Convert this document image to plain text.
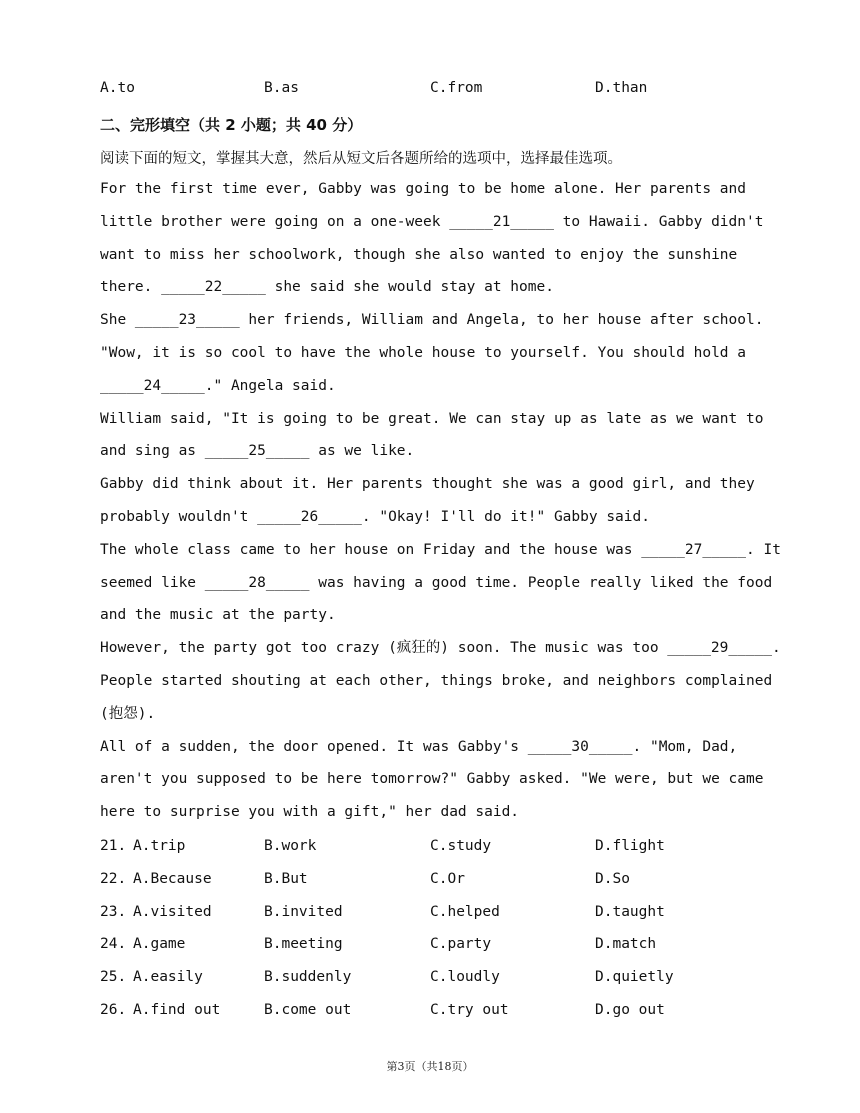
A.to	B.as	C.from	D.than
二、完形填空（共 2 小题；共 40 分）
阅读下面的短文，掌握其大意，然后从短文后各题所给的选项中，选择最佳选项。
For the first time ever, Gabby was going to be home alone. Her parents and
little brother were going on a one-week _____21_____ to Hawaii. Gabby didn't
want to miss her schoolwork, though she also wanted to enjoy the sunshine
there. _____22_____ she said she would stay at home.
She _____23_____ her friends, William and Angela, to her house after school.
"Wow, it is so cool to have the whole house to yourself. You should hold a
_____24_____." Angela said.
William said, "It is going to be great. We can stay up as late as we want to
and sing as _____25_____ as we like.
Gabby did think about it. Her parents thought she was a good girl, and they
probably wouldn't _____26_____. "Okay! I'll do it!" Gabby said.
The whole class came to her house on Friday and the house was _____27_____. It
seemed like _____28_____ was having a good time. People really liked the food
and the music at the party.
However, the party got too crazy (疯狂的) soon. The music was too _____29_____.
People started shouting at each other, things broke, and neighbors complained
(抱怨).
All of a sudden, the door opened. It was Gabby's _____30_____. "Mom, Dad,
aren't you supposed to be here tomorrow?" Gabby asked. "We were, but we came
here to surprise you with a gift," her dad said.
21. A.trip	B.work	C.study	D.flight
22. A.Because	B.But	C.Or	D.So
23. A.visited	B.invited	C.helped	D.taught
24. A.game	B.meeting	C.party	D.match
25. A.easily	B.suddenly	C.loudly	D.quietly
26. A.find out	B.come out	C.try out	D.go out
第3页（共18页）
